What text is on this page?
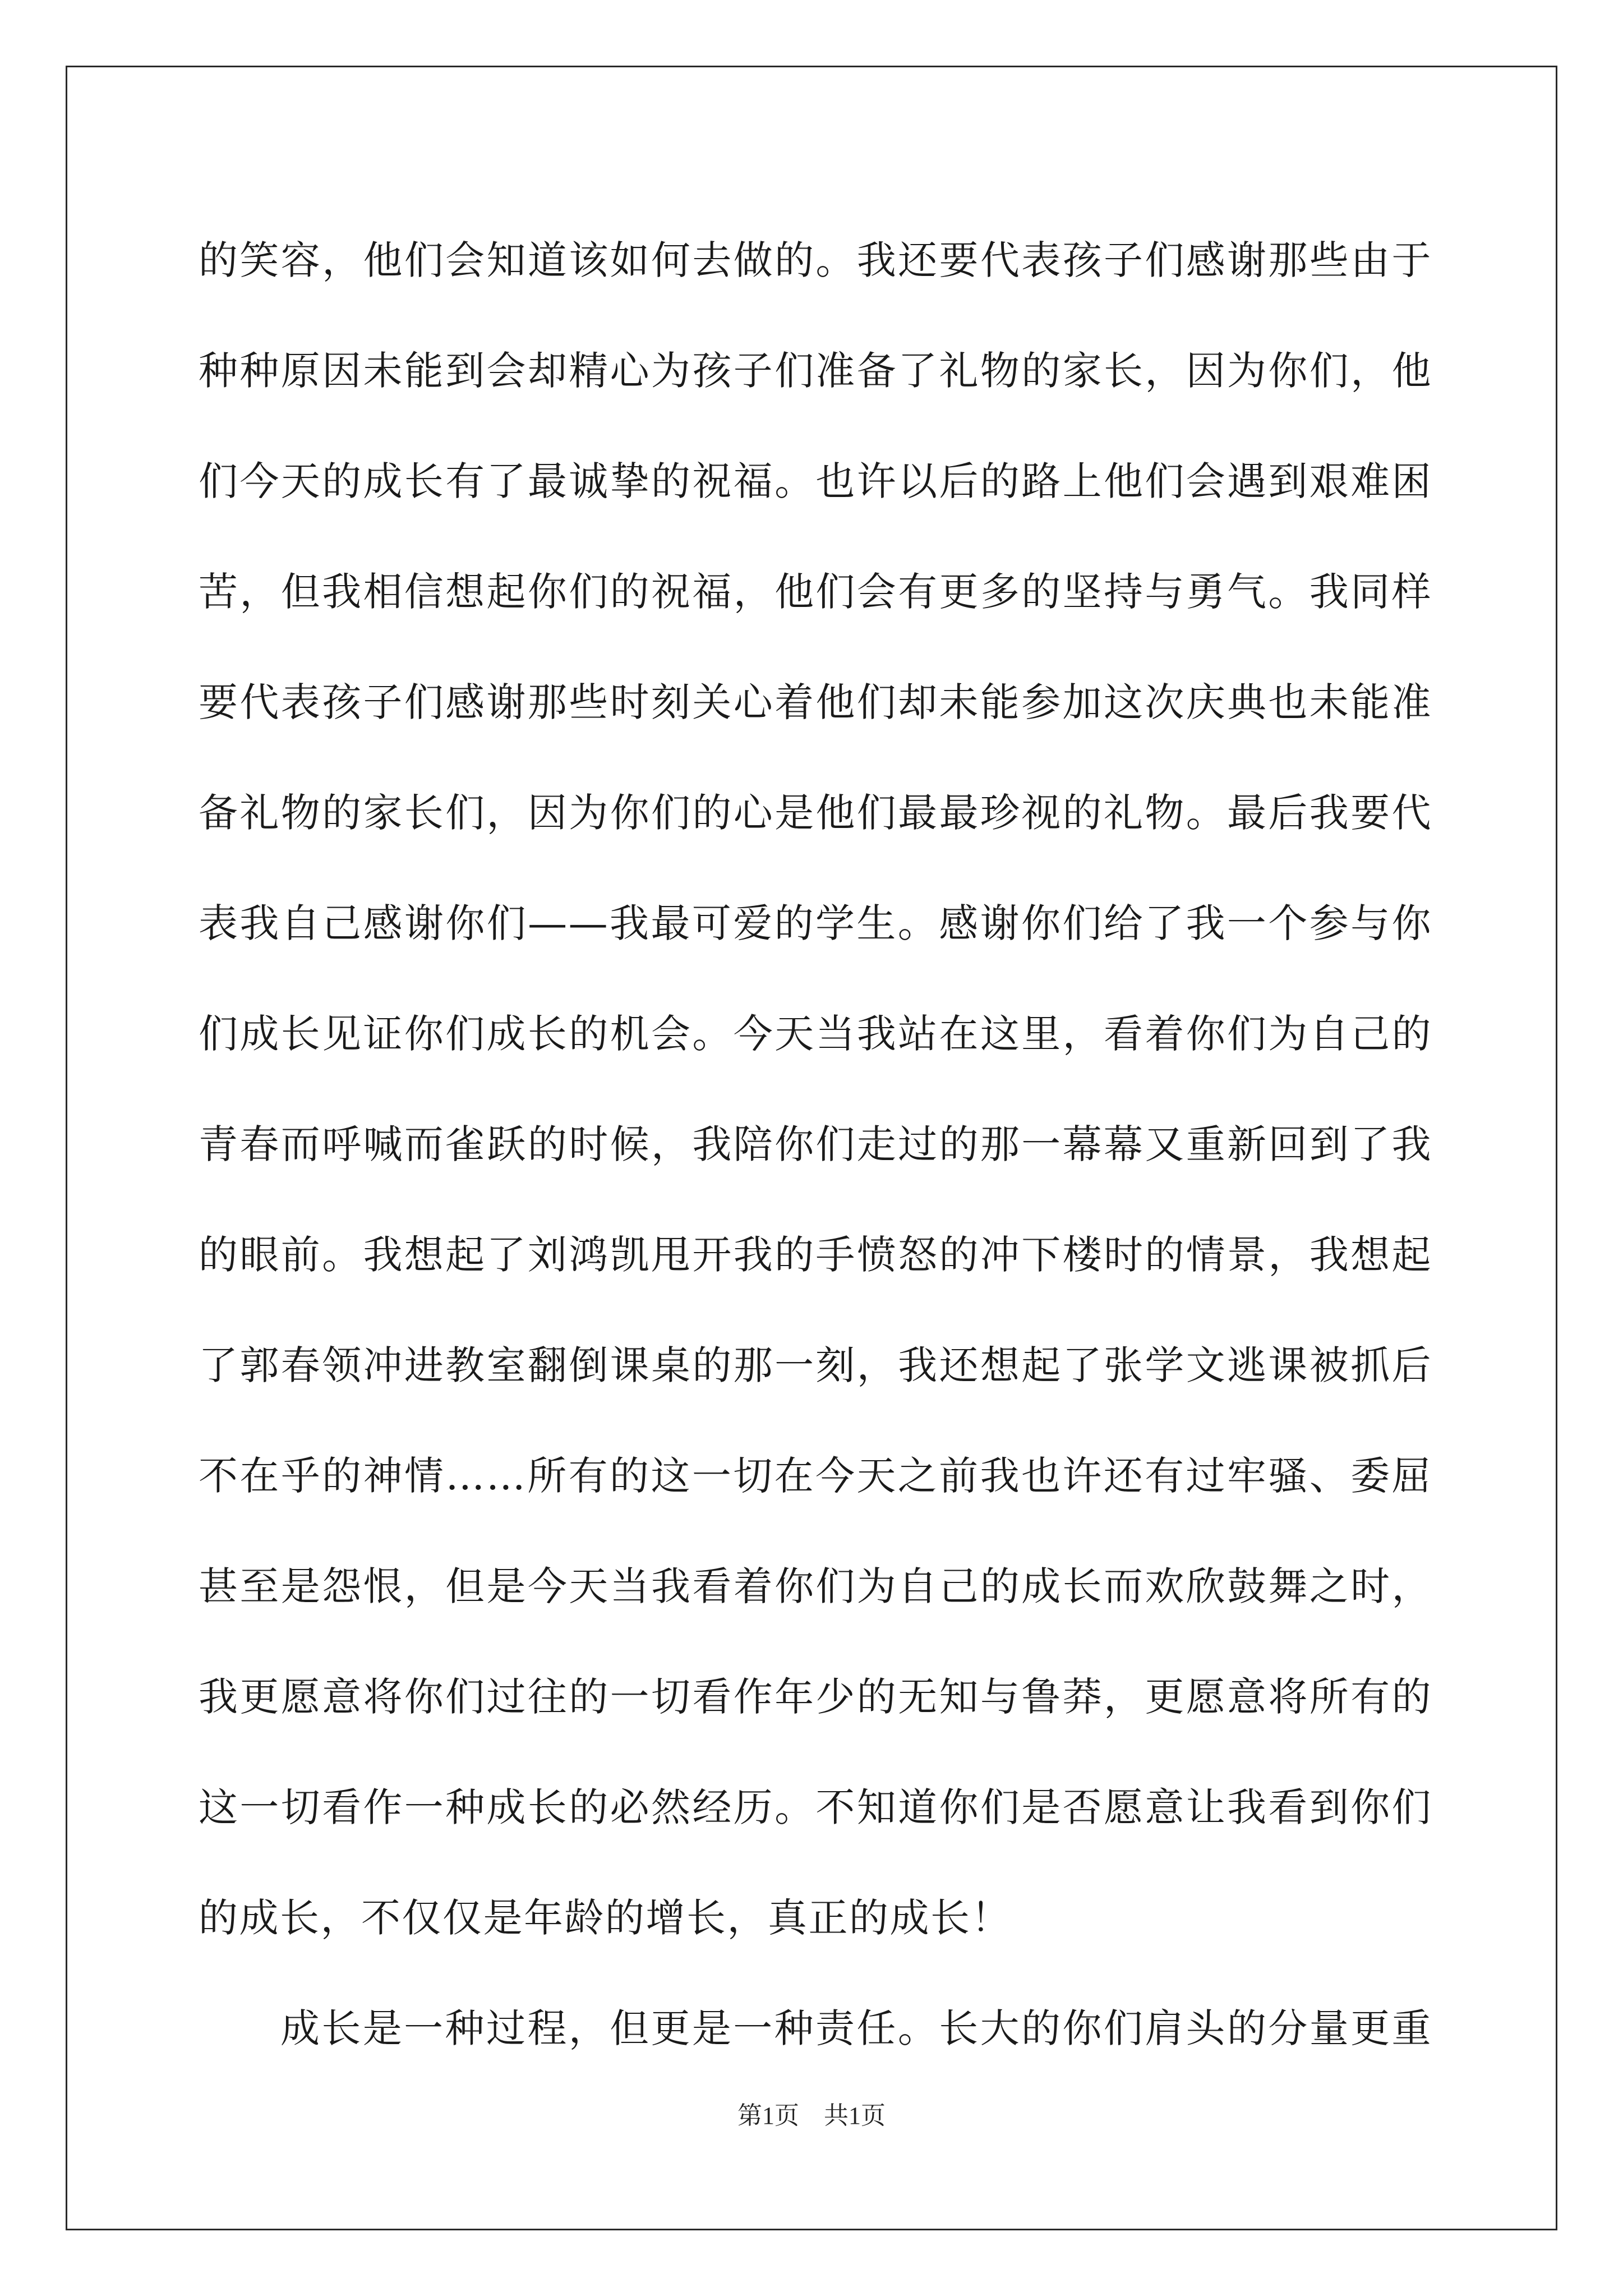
的笑容，他们会知道该如何去做的。我还要代表孩子们感谢那些由于
种种原因未能到会却精心为孩子们准备了礼物的家长，因为你们，他
们今天的成长有了最诚挚的祝福。也许以后的路上他们会遇到艰难困
苦，但我相信想起你们的祝福，他们会有更多的坚持与勇气。我同样
要代表孩子们感谢那些时刻关心着他们却未能参加这次庆典也未能准
备礼物的家长们，因为你们的心是他们最最珍视的礼物。最后我要代
表我自己感谢你们——我最可爱的学生。感谢你们给了我一个参与你
们成长见证你们成长的机会。今天当我站在这里，看着你们为自己的
青春而呼喊而雀跃的时候，我陪你们走过的那一幕幕又重新回到了我
的眼前。我想起了刘鸿凯甩开我的手愤怒的冲下楼时的情景，我想起
了郭春领冲进教室翻倒课桌的那一刻，我还想起了张学文逃课被抓后
不在乎的神情……所有的这一切在今天之前我也许还有过牢骚、委屈
甚至是怨恨，但是今天当我看着你们为自己的成长而欢欣鼓舞之时，
我更愿意将你们过往的一切看作年少的无知与鲁莽，更愿意将所有的
这一切看作一种成长的必然经历。不知道你们是否愿意让我看到你们
的成长，不仅仅是年龄的增长，真正的成长！
成长是一种过程，但更是一种责任。长大的你们肩头的分量更重
第1页　共1页
